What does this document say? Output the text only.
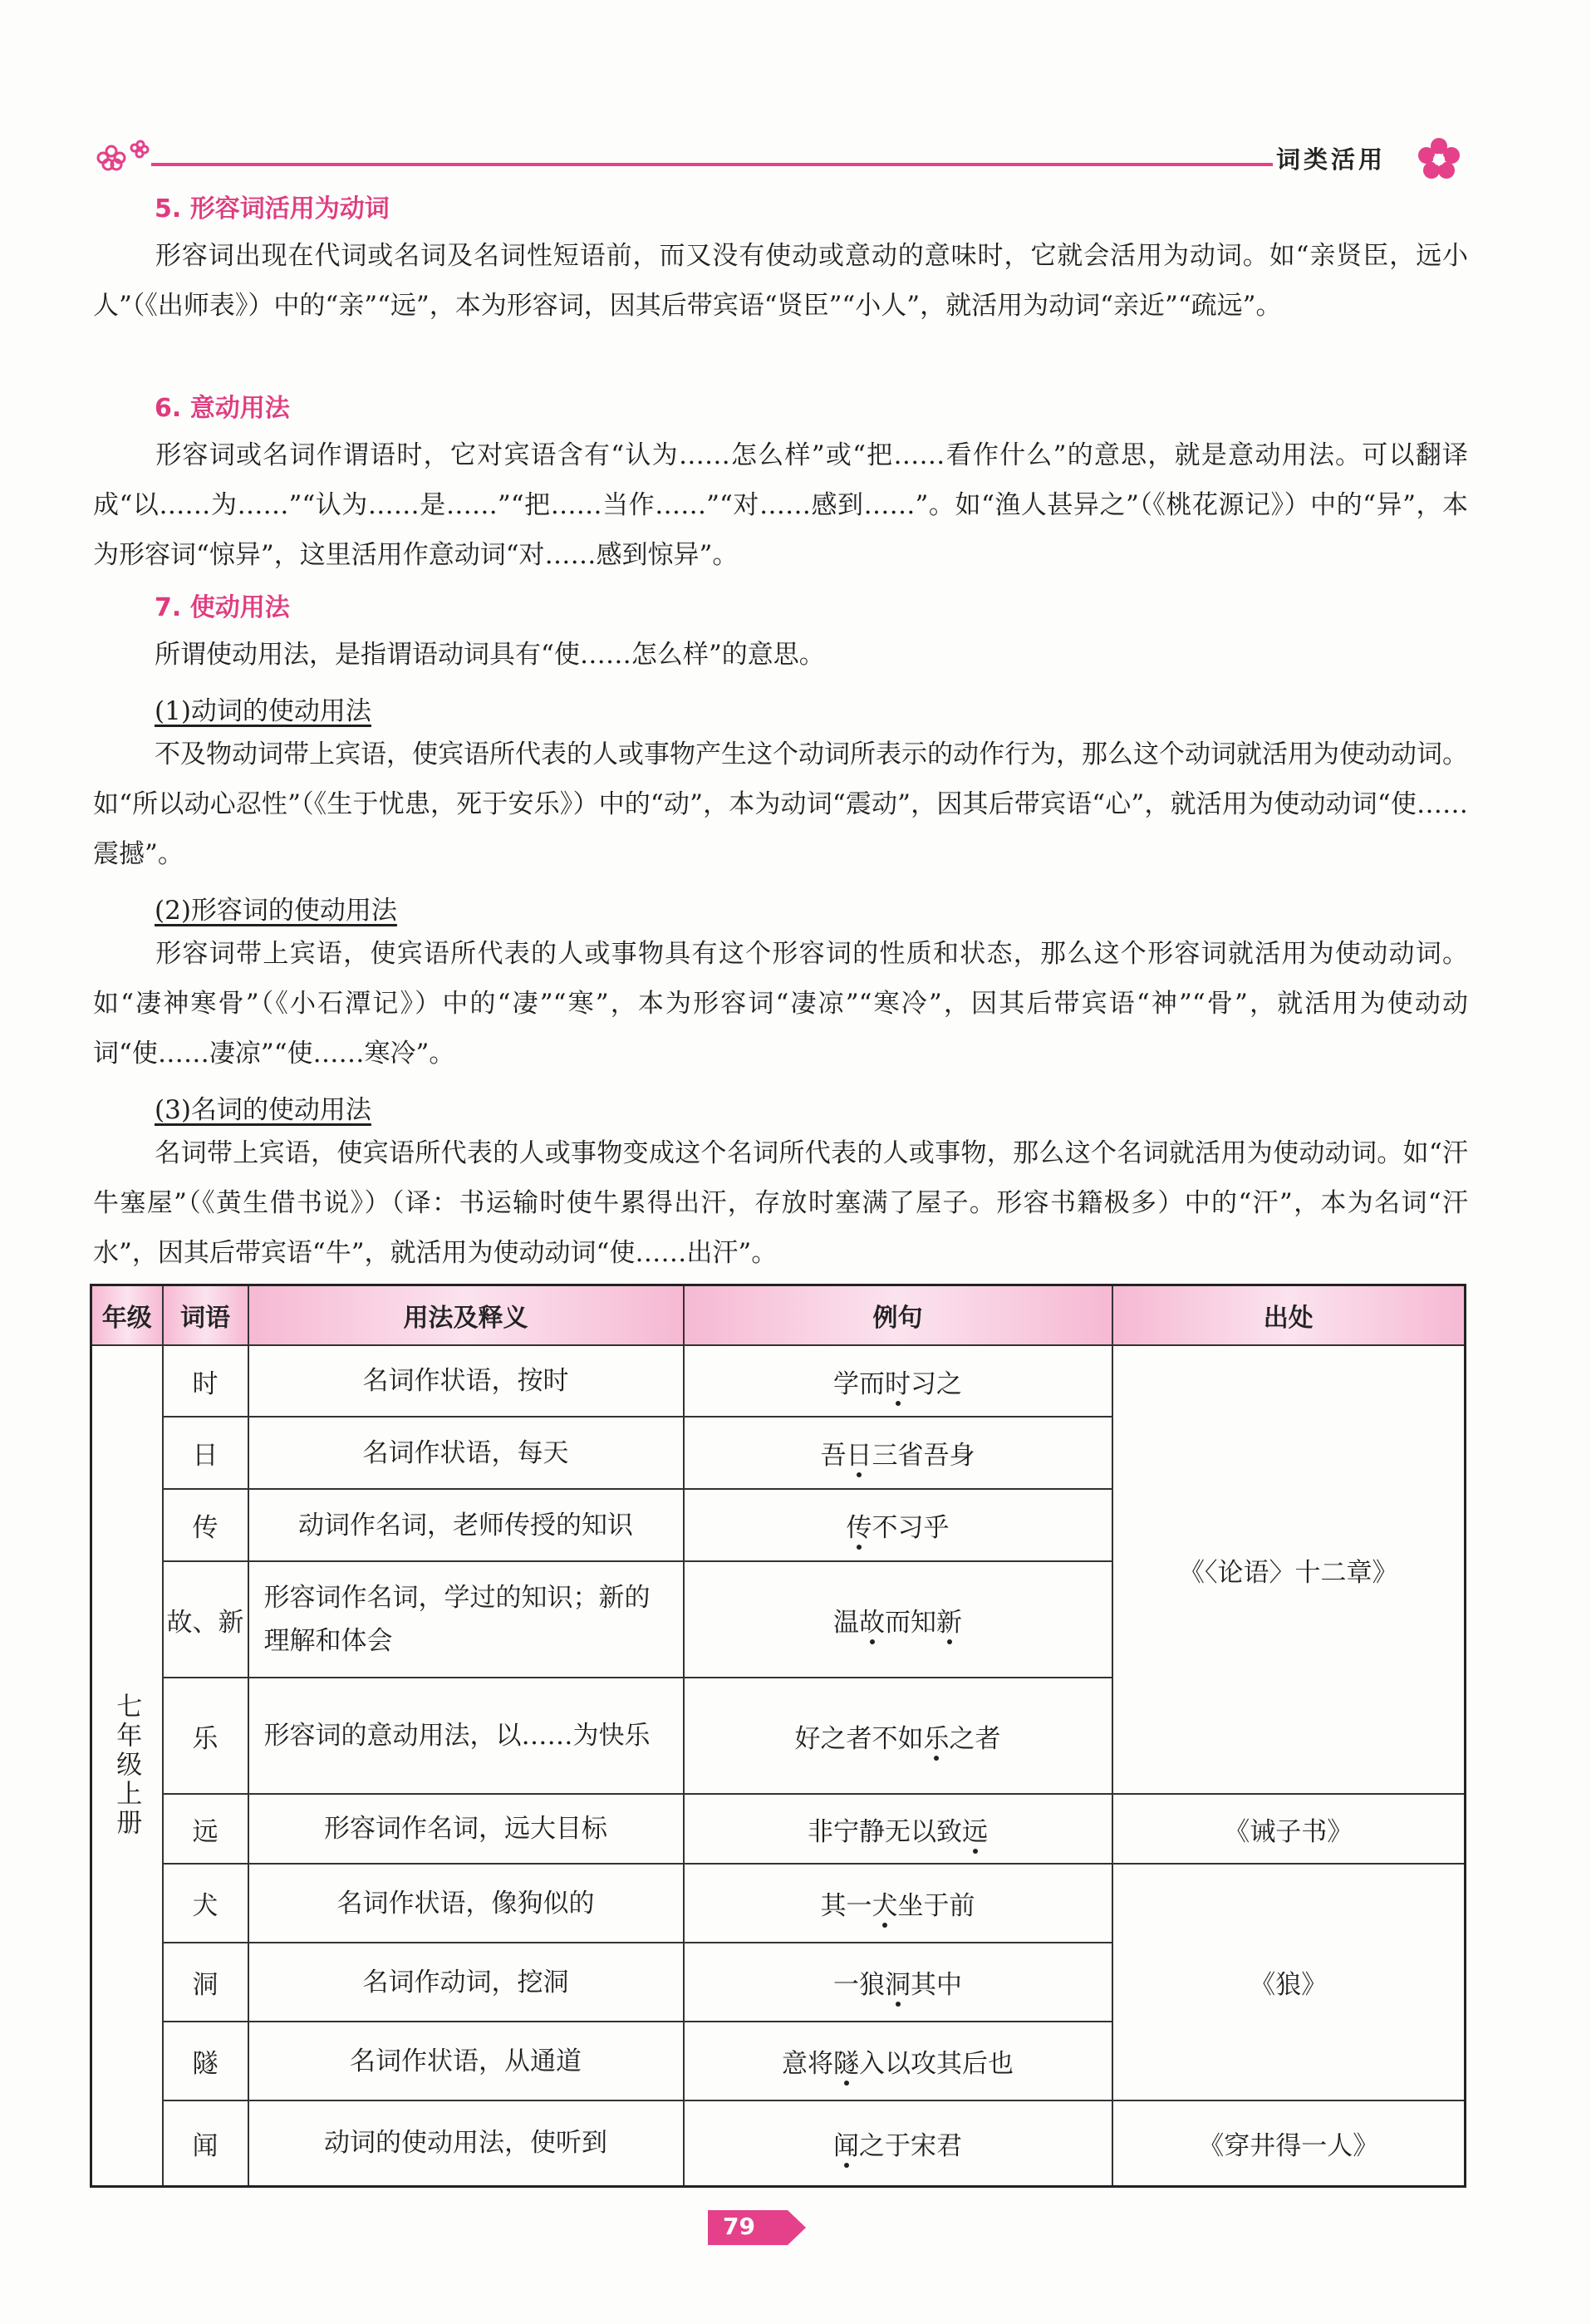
词类活用
5. 形容词活用为动词
形容词出现在代词或名词及名词性短语前，而又没有使动或意动的意味时，它就会活用为动词。如“亲贤臣，远小人”（《出师表》）中的“亲”“远”，本为形容词，因其后带宾语“贤臣”“小人”，就活用为动词“亲近”“疏远”。
6. 意动用法
形容词或名词作谓语时，它对宾语含有“认为……怎么样”或“把……看作什么”的意思，就是意动用法。可以翻译成“以……为……”“认为……是……”“把……当作……”“对……感到……”。如“渔人甚异之”（《桃花源记》）中的“异”，本为形容词“惊异”，这里活用作意动词“对……感到惊异”。
7. 使动用法
所谓使动用法，是指谓语动词具有“使……怎么样”的意思。
(1)动词的使动用法
不及物动词带上宾语，使宾语所代表的人或事物产生这个动词所表示的动作行为，那么这个动词就活用为使动动词。如“所以动心忍性”（《生于忧患，死于安乐》）中的“动”，本为动词“震动”，因其后带宾语“心”，就活用为使动动词“使……震撼”。
(2)形容词的使动用法
形容词带上宾语，使宾语所代表的人或事物具有这个形容词的性质和状态，那么这个形容词就活用为使动动词。如“凄神寒骨”（《小石潭记》）中的“凄”“寒”，本为形容词“凄凉”“寒冷”，因其后带宾语“神”“骨”，就活用为使动动词“使……凄凉”“使……寒冷”。
(3)名词的使动用法
名词带上宾语，使宾语所代表的人或事物变成这个名词所代表的人或事物，那么这个名词就活用为使动动词。如“汗牛塞屋”（《黄生借书说》）（译：书运输时使牛累得出汗，存放时塞满了屋子。形容书籍极多）中的“汗”，本为名词“汗水”，因其后带宾语“牛”，就活用为使动动词“使……出汗”。
年级	词语	用法及释义	例句	出处
七年级上册	时	名词作状语，按时	学而时习之	《〈论语〉十二章》
	日	名词作状语，每天	吾日三省吾身	
	传	动词作名词，老师传授的知识	传不习乎	
	故、新	形容词作名词，学过的知识；新的理解和体会	温故而知新	
	乐	形容词的意动用法，以……为快乐	好之者不如乐之者	
	远	形容词作名词，远大目标	非宁静无以致远	《诫子书》
	犬	名词作状语，像狗似的	其一犬坐于前	《狼》
	洞	名词作动词，挖洞	一狼洞其中	
	隧	名词作状语，从通道	意将隧入以攻其后也	
	闻	动词的使动用法，使听到	闻之于宋君	《穿井得一人》
79
